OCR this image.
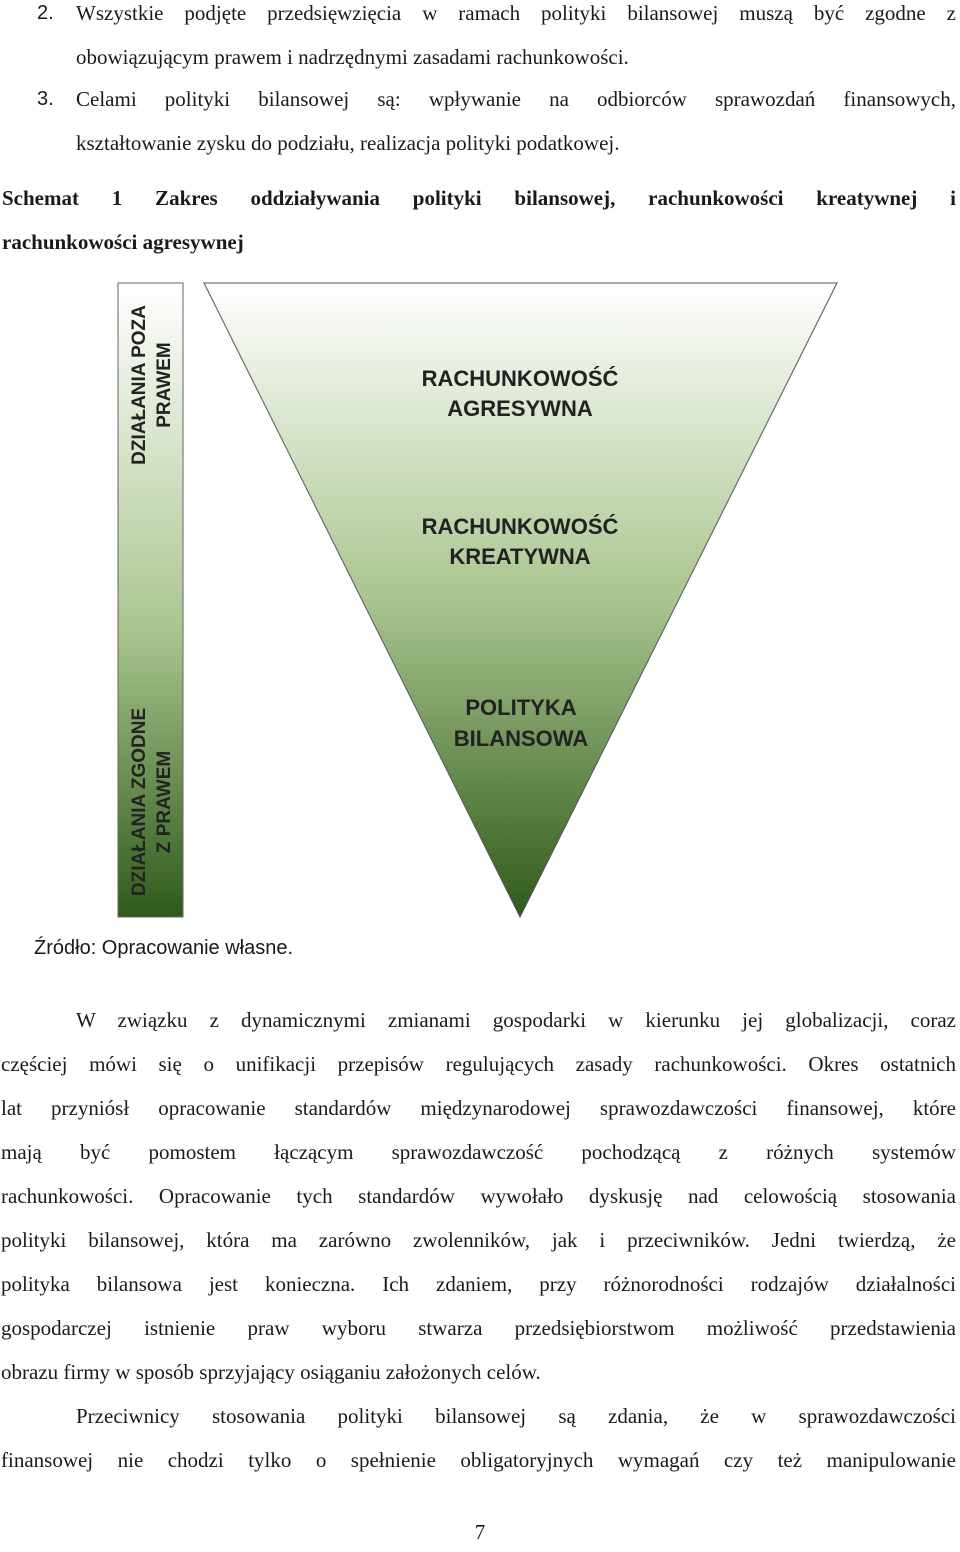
2. Wszystkie podjęte przedsięwzięcia w ramach polityki bilansowej muszą być zgodne z
obowiązującym prawem i nadrzędnymi zasadami rachunkowości.
3. Celami polityki bilansowej są: wpływanie na odbiorców sprawozdań finansowych,
kształtowanie zysku do podziału, realizacja polityki podatkowej.
Schemat 1 Zakres oddziaływania polityki bilansowej, rachunkowości kreatywnej i
rachunkowości agresywnej
DZIAŁANIA POZA PRAWEM
DZIAŁANIA ZGODNE Z PRAWEM
RACHUNKOWOŚĆ
AGRESYWNA
RACHUNKOWOŚĆ
KREATYWNA
POLITYKA
BILANSOWA
Źródło: Opracowanie własne.
W związku z dynamicznymi zmianami gospodarki w kierunku jej globalizacji, coraz
częściej mówi się o unifikacji przepisów regulujących zasady rachunkowości. Okres ostatnich
lat przyniósł opracowanie standardów międzynarodowej sprawozdawczości finansowej, które
mają być pomostem łączącym sprawozdawczość pochodzącą z różnych systemów
rachunkowości. Opracowanie tych standardów wywołało dyskusję nad celowością stosowania
polityki bilansowej, która ma zarówno zwolenników, jak i przeciwników. Jedni twierdzą, że
polityka bilansowa jest konieczna. Ich zdaniem, przy różnorodności rodzajów działalności
gospodarczej istnienie praw wyboru stwarza przedsiębiorstwom możliwość przedstawienia
obrazu firmy w sposób sprzyjający osiąganiu założonych celów.
Przeciwnicy stosowania polityki bilansowej są zdania, że w sprawozdawczości
finansowej nie chodzi tylko o spełnienie obligatoryjnych wymagań czy też manipulowanie
7
